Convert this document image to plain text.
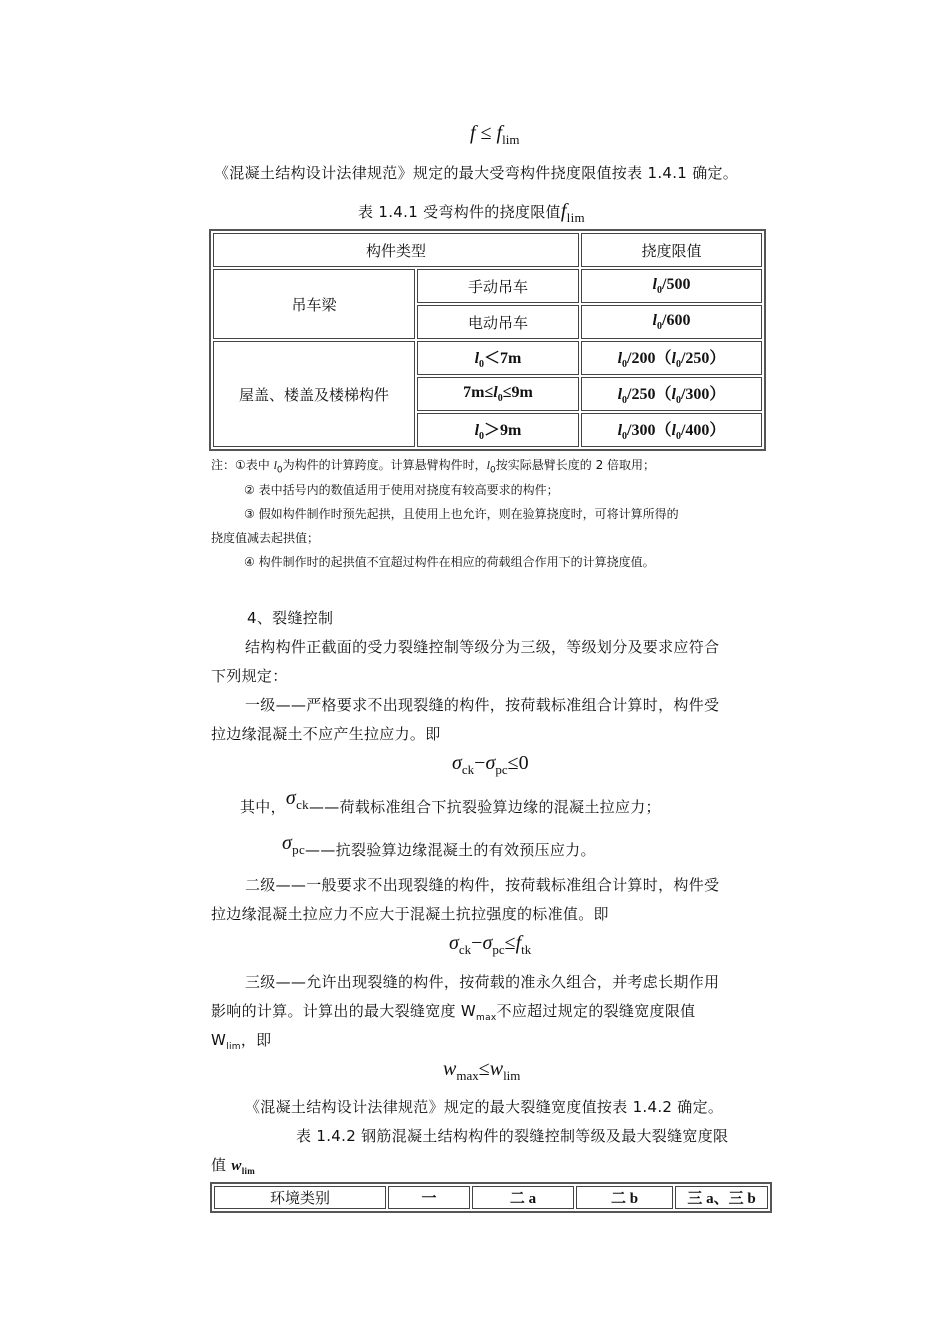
$f \le f_{lim}$
《混凝土结构设计法律规范》规定的最大受弯构件挠度限值按表 1.4.1 确定。
表 1.4.1 受弯构件的挠度限值$f_{lim}$
构件类型		挠度限值
吊车梁	手动吊车	$l_0/500$
	电动吊车	$l_0/600$
屋盖、楼盖及楼梯构件	$l_0<7m$	$l_0/200(l_0/250)$
	$7m\le l_0\le 9m$	$l_0/250(l_0/300)$
	$l_0>9m$	$l_0/300(l_0/400)$
注：①表中 $l_0$为构件的计算跨度。计算悬臂构件时，$l_0$按实际悬臂长度的 2 倍取用；
② 表中括号内的数值适用于使用对挠度有较高要求的构件；
③ 假如构件制作时预先起拱，且使用上也允许，则在验算挠度时，可将计算所得的
挠度值减去起拱值；
④ 构件制作时的起拱值不宜超过构件在相应的荷载组合作用下的计算挠度值。
4、裂缝控制
结构构件正截面的受力裂缝控制等级分为三级，等级划分及要求应符合
下列规定：
一级——严格要求不出现裂缝的构件，按荷载标准组合计算时，构件受
拉边缘混凝土不应产生拉应力。即
$\sigma_{ck}-\sigma_{pc}\le 0$
其中，$\sigma_{ck}——$荷载标准组合下抗裂验算边缘的混凝土拉应力；
$\sigma_{pc}——$抗裂验算边缘混凝土的有效预压应力。
二级——一般要求不出现裂缝的构件，按荷载标准组合计算时，构件受
拉边缘混凝土拉应力不应大于混凝土抗拉强度的标准值。即
$\sigma_{ck}-\sigma_{pc}\le f_{tk}$
三级——允许出现裂缝的构件，按荷载的准永久组合，并考虑长期作用
影响的计算。计算出的最大裂缝宽度 $W_{max}$不应超过规定的裂缝宽度限值
$W_{lim}$，即
$w_{max}\le w_{lim}$
《混凝土结构设计法律规范》规定的最大裂缝宽度值按表 1.4.2 确定。
表 1.4.2 钢筋混凝土结构构件的裂缝控制等级及最大裂缝宽度限
值 $w_{lim}$
环境类别	一	二 a	二 b	三 a、三 b
